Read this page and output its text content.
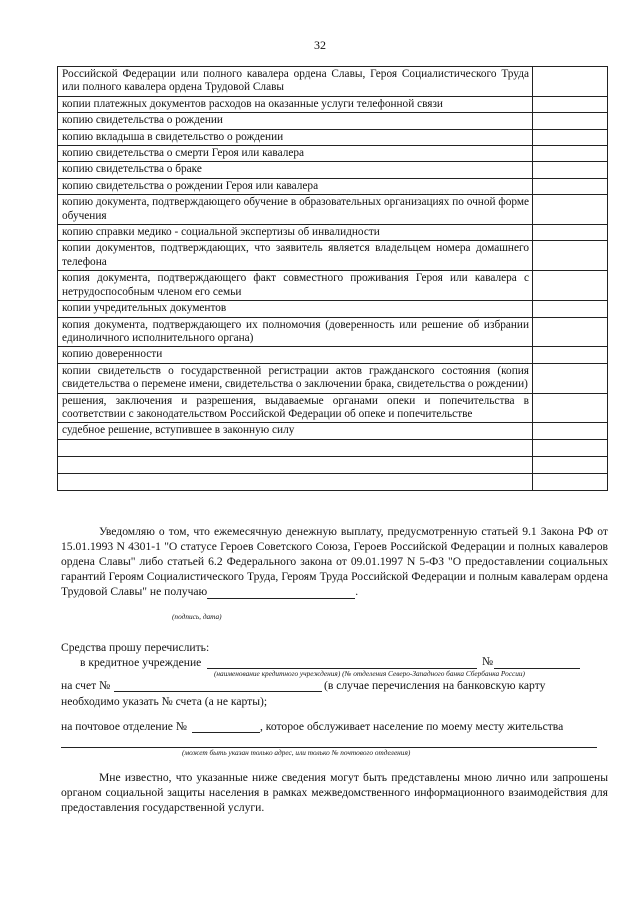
32
Российской Федерации или полного кавалера ордена Славы, Героя Социалистического Труда или полного кавалера ордена Трудовой Славы	
копии платежных документов расходов на оказанные услуги телефонной связи	
копию свидетельства о рождении	
копию вкладыша в свидетельство о рождении	
копию свидетельства о смерти Героя или кавалера	
копию свидетельства о браке	
копию свидетельства о рождении Героя или кавалера	
копию документа, подтверждающего обучение в образовательных организациях по очной форме обучения	
копию справки медико - социальной экспертизы об инвалидности	
копии документов, подтверждающих, что заявитель является владельцем номера домашнего телефона	
копия документа, подтверждающего факт совместного проживания Героя или кавалера с нетрудоспособным членом его семьи	
копии учредительных документов	
копия документа, подтверждающего их полномочия (доверенность или решение об избрании единоличного исполнительного органа)	
копию доверенности	
копии свидетельств о государственной регистрации актов гражданского состояния (копия свидетельства о перемене имени, свидетельства о заключении брака, свидетельства о рождении)	
решения, заключения и разрешения, выдаваемые органами опеки и попечительства в соответствии с законодательством Российской Федерации об опеке и попечительстве	
судебное решение, вступившее в законную силу	

Уведомляю о том, что ежемесячную денежную выплату, предусмотренную статьей 9.1 Закона РФ от 15.01.1993 N 4301-1 "О статусе Героев Советского Союза, Героев Российской Федерации и полных кавалеров ордена Славы" либо статьей 6.2 Федерального закона от 09.01.1997 N 5-ФЗ "О предоставлении социальных гарантий Героям Социалистического Труда, Героям Труда Российской Федерации и полным кавалерам ордена Трудовой Славы" не получаю	.
(подпись, дата)
Средства прошу перечислить:
в кредитное учреждение	№
(наименование кредитного учреждения) (№ отделения Северо-Западного банка Сбербанка России)
на счет №	(в случае перечисления на банковскую карту
необходимо указать № счета (а не карты);
на почтовое отделение №	, которое обслуживает население по моему месту жительства
(может быть указан только адрес, или только № почтового отделения)
Мне известно, что указанные ниже сведения могут быть представлены мною лично или запрошены органом социальной защиты населения в рамках межведомственного информационного взаимодействия для предоставления государственной услуги.
